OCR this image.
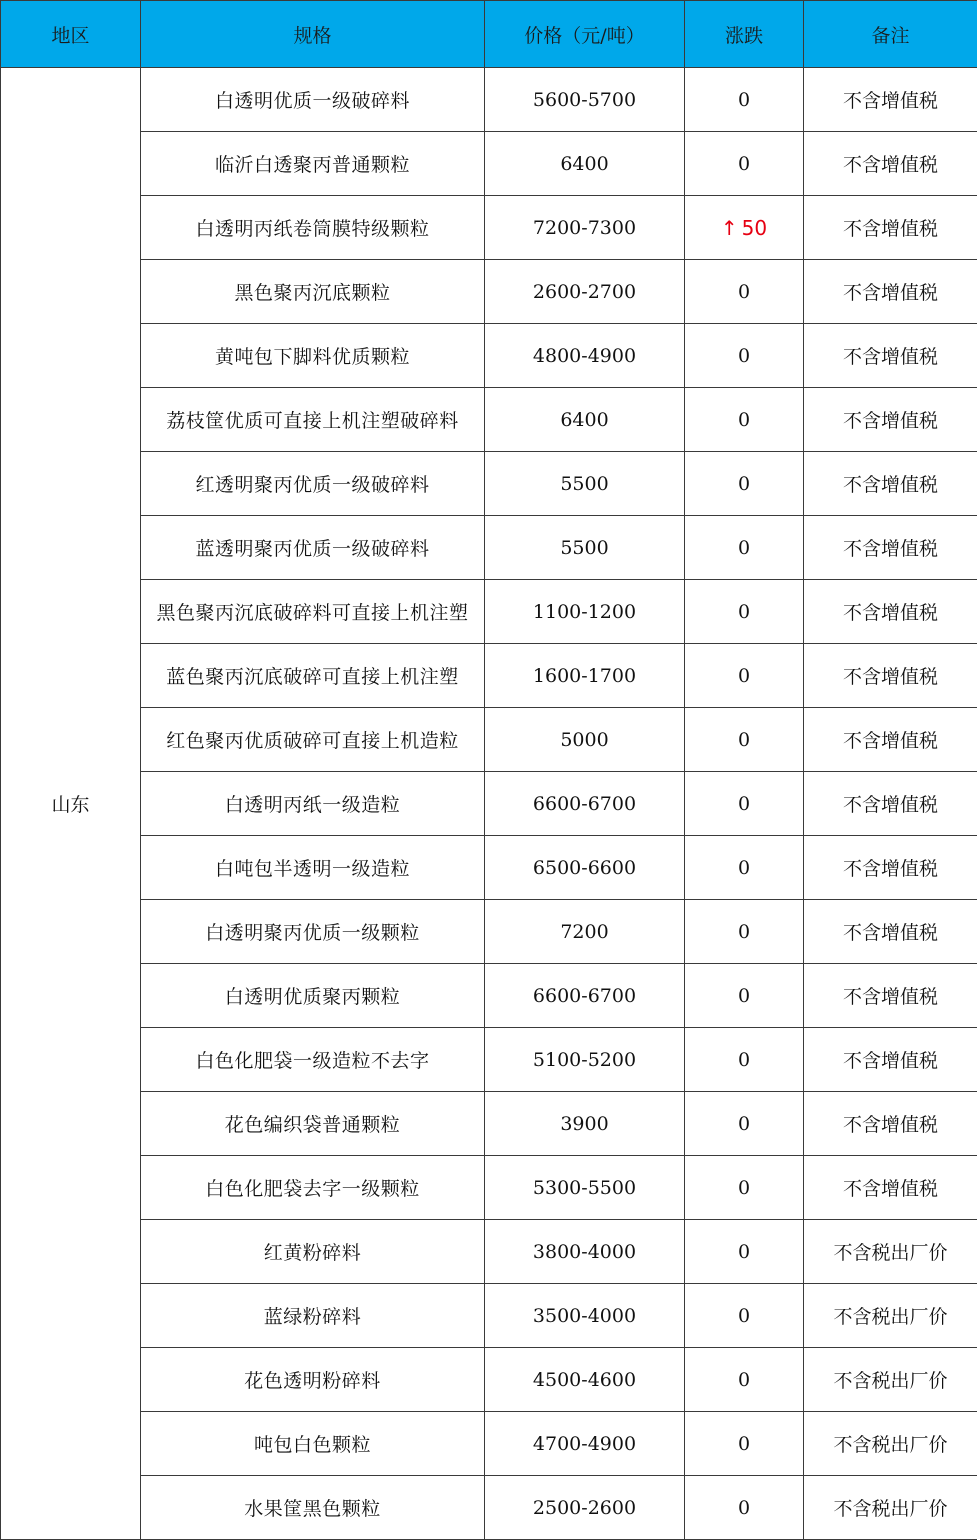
地区	规格	价格（元/吨）	涨跌	备注
山东	白透明优质一级破碎料	5600-5700	0	不含增值税
	临沂白透聚丙普通颗粒	6400	0	不含增值税
	白透明丙纸卷筒膜特级颗粒	7200-7300	↑ 50	不含增值税
	黑色聚丙沉底颗粒	2600-2700	0	不含增值税
	黄吨包下脚料优质颗粒	4800-4900	0	不含增值税
	荔枝筐优质可直接上机注塑破碎料	6400	0	不含增值税
	红透明聚丙优质一级破碎料	5500	0	不含增值税
	蓝透明聚丙优质一级破碎料	5500	0	不含增值税
	黑色聚丙沉底破碎料可直接上机注塑	1100-1200	0	不含增值税
	蓝色聚丙沉底破碎可直接上机注塑	1600-1700	0	不含增值税
	红色聚丙优质破碎可直接上机造粒	5000	0	不含增值税
	白透明丙纸一级造粒	6600-6700	0	不含增值税
	白吨包半透明一级造粒	6500-6600	0	不含增值税
	白透明聚丙优质一级颗粒	7200	0	不含增值税
	白透明优质聚丙颗粒	6600-6700	0	不含增值税
	白色化肥袋一级造粒不去字	5100-5200	0	不含增值税
	花色编织袋普通颗粒	3900	0	不含增值税
	白色化肥袋去字一级颗粒	5300-5500	0	不含增值税
	红黄粉碎料	3800-4000	0	不含税出厂价
	蓝绿粉碎料	3500-4000	0	不含税出厂价
	花色透明粉碎料	4500-4600	0	不含税出厂价
	吨包白色颗粒	4700-4900	0	不含税出厂价
	水果筐黑色颗粒	2500-2600	0	不含税出厂价
